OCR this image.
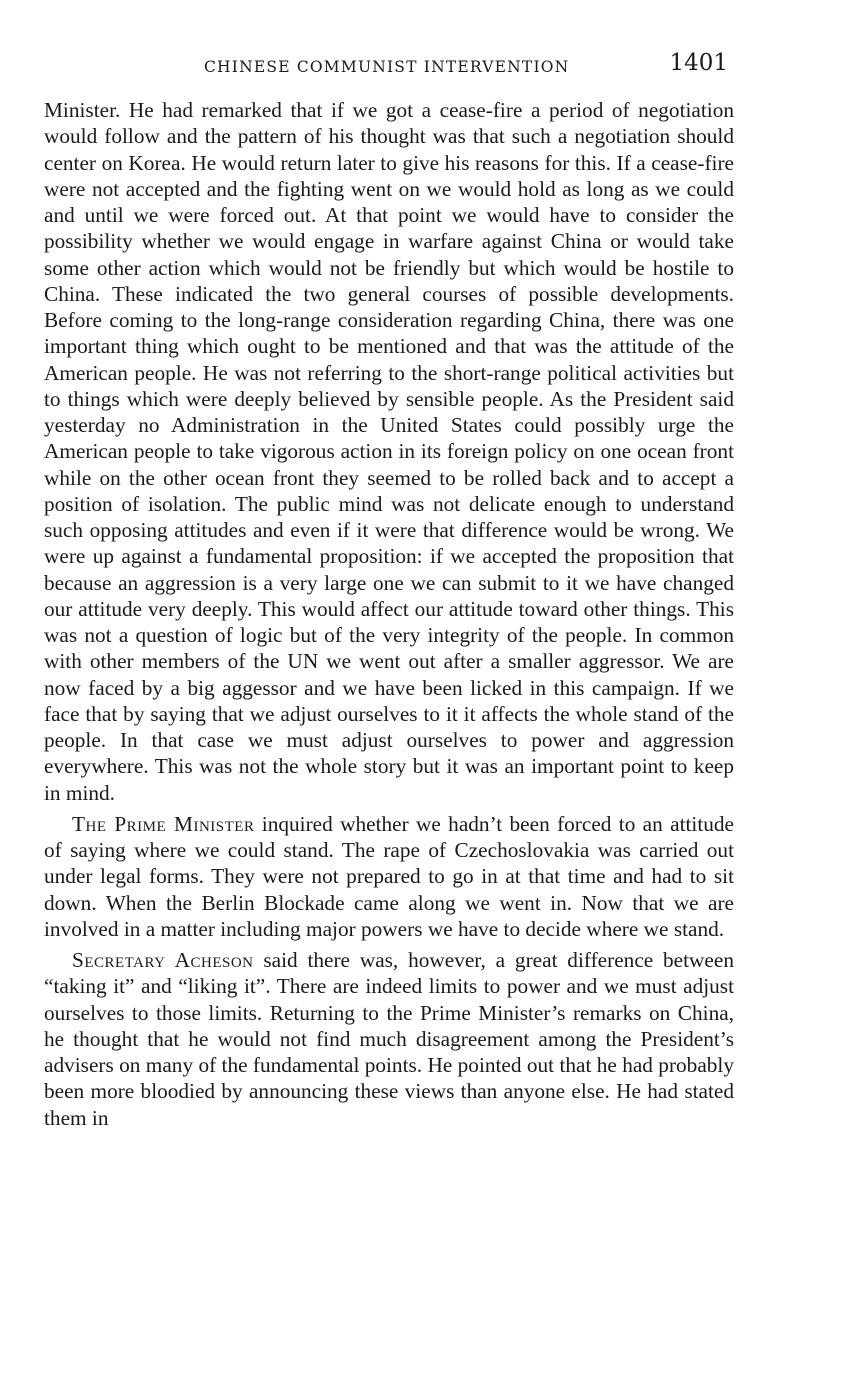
CHINESE COMMUNIST INTERVENTION	1401

Minister. He had remarked that if we got a cease-fire a period of negotiation would follow and the pattern of his thought was that such a negotiation should center on Korea. He would return later to give his reasons for this. If a cease-fire were not accepted and the fighting went on we would hold as long as we could and until we were forced out. At that point we would have to consider the possibility whether we would engage in warfare against China or would take some other action which would not be friendly but which would be hostile to China. These indicated the two general courses of possible developments. Before coming to the long-range consideration regarding China, there was one important thing which ought to be mentioned and that was the attitude of the American people. He was not referring to the short-range political activities but to things which were deeply believed by sensible people. As the President said yesterday no Administration in the United States could possibly urge the American people to take vigorous action in its foreign policy on one ocean front while on the other ocean front they seemed to be rolled back and to accept a position of isolation. The public mind was not delicate enough to understand such opposing attitudes and even if it were that difference would be wrong. We were up against a fundamental proposition: if we accepted the proposition that because an aggression is a very large one we can submit to it we have changed our attitude very deeply. This would affect our attitude toward other things. This was not a question of logic but of the very integrity of the people. In common with other members of the UN we went out after a smaller aggressor. We are now faced by a big aggessor and we have been licked in this campaign. If we face that by saying that we adjust ourselves to it it affects the whole stand of the people. In that case we must adjust ourselves to power and aggression everywhere. This was not the whole story but it was an important point to keep in mind.

The Prime Minister inquired whether we hadn’t been forced to an attitude of saying where we could stand. The rape of Czechoslovakia was carried out under legal forms. They were not prepared to go in at that time and had to sit down. When the Berlin Blockade came along we went in. Now that we are involved in a matter including major powers we have to decide where we stand.

Secretary Acheson said there was, however, a great difference between “taking it” and “liking it”. There are indeed limits to power and we must adjust ourselves to those limits. Returning to the Prime Minister’s remarks on China, he thought that he would not find much disagreement among the President’s advisers on many of the fundamental points. He pointed out that he had probably been more bloodied by announcing these views than anyone else. He had stated them in
